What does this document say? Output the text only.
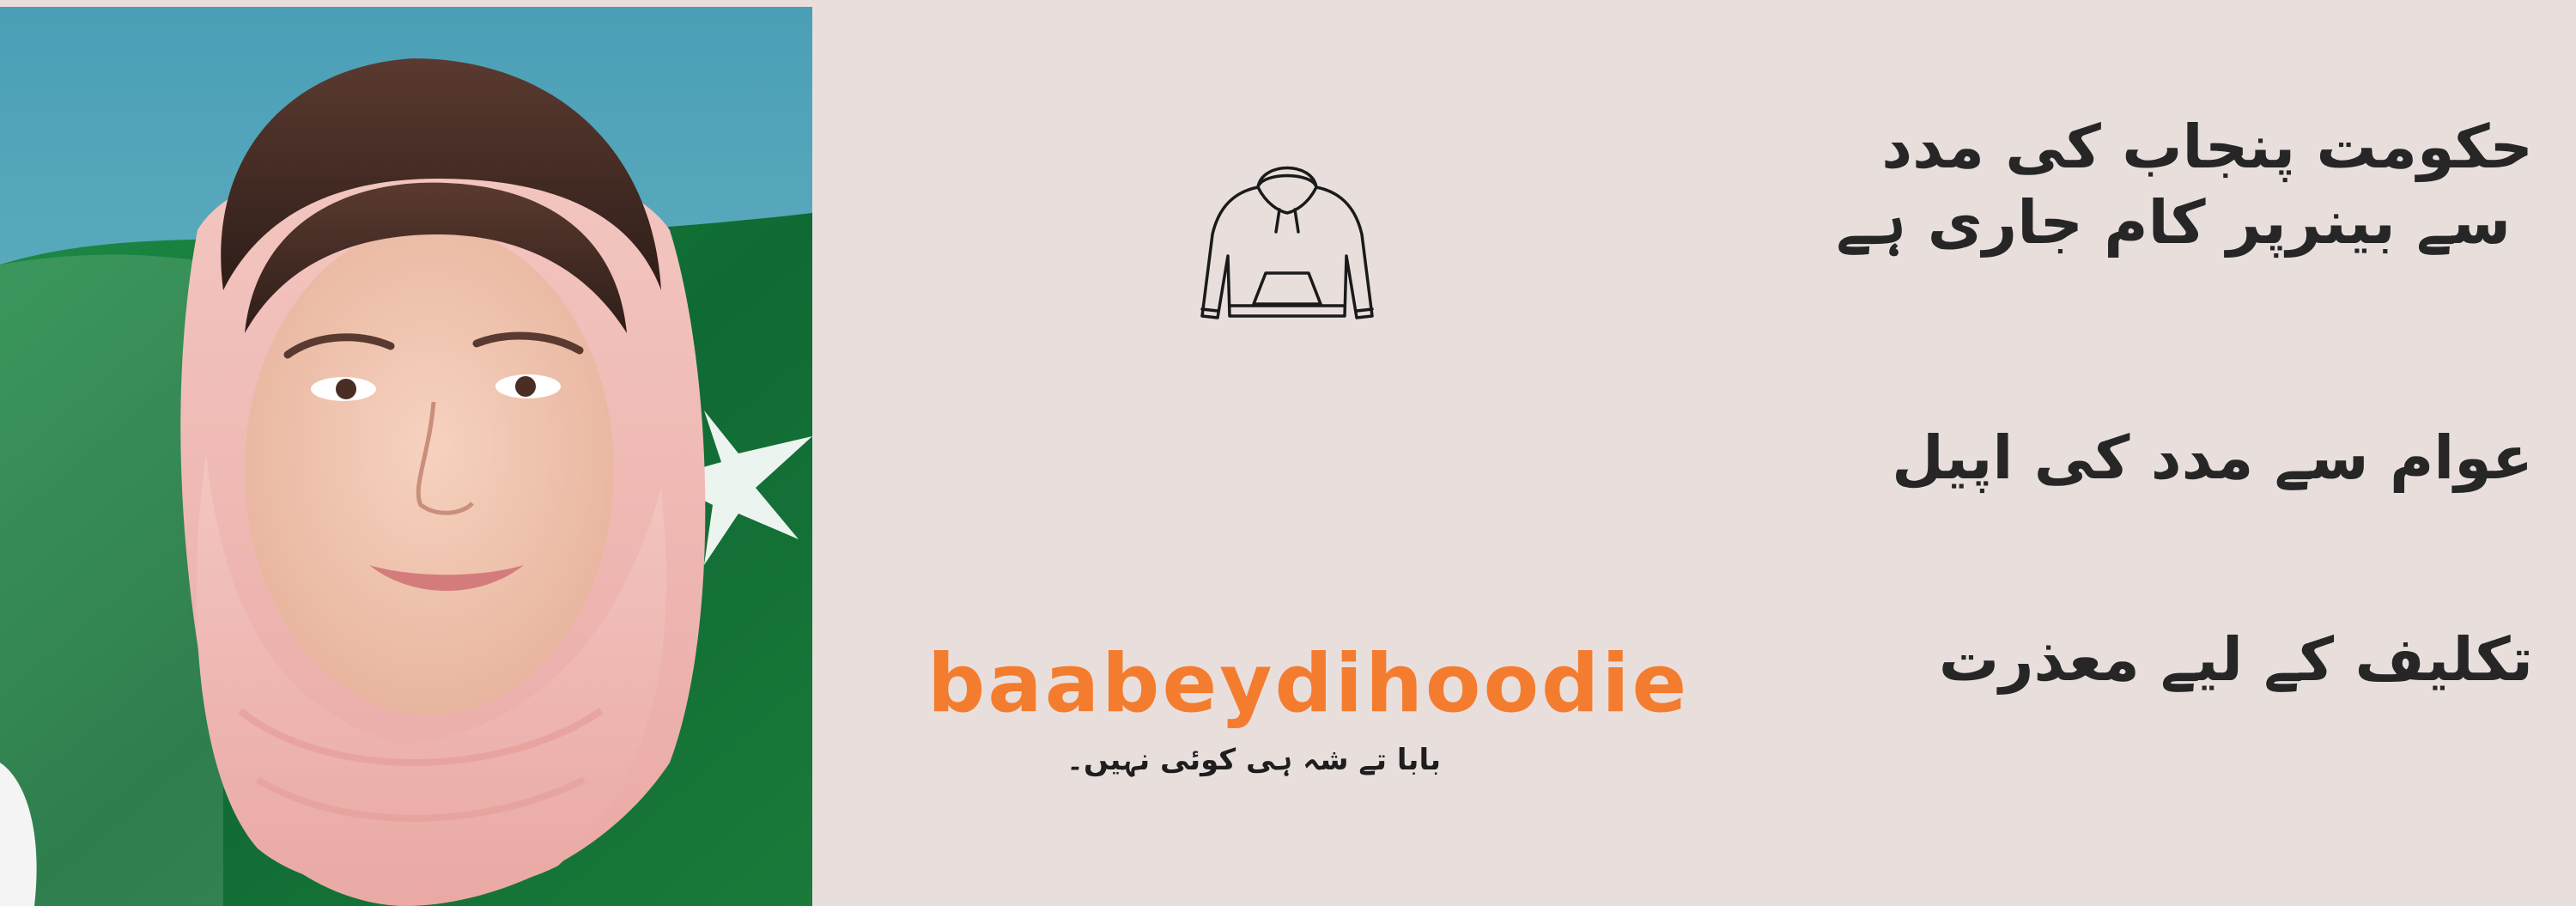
baabeydihoodie
بابا تے شہ ہی کوئی نہیں۔
حکومت پنجاب کی مدد
سے بینرپر کام جاری ہے
عوام سے مدد کی اپیل
تکلیف کے لیے معذرت
